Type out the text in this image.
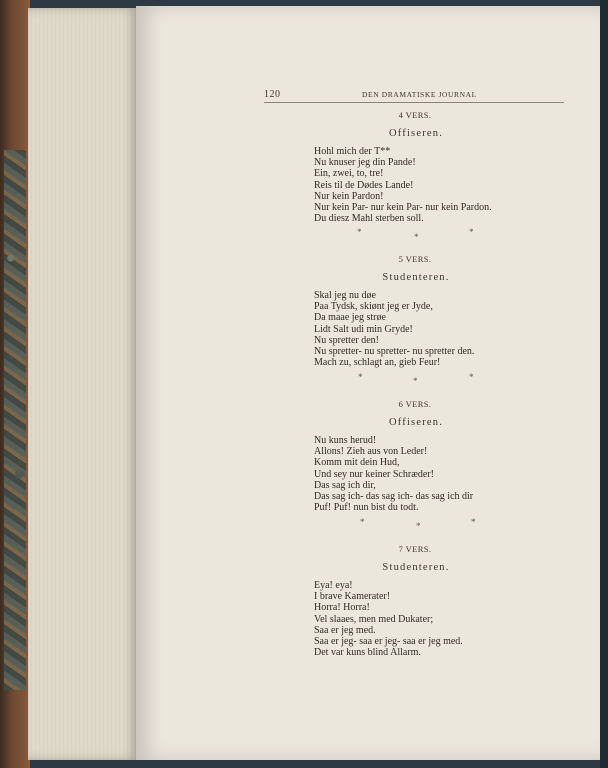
120	DEN DRAMATISKE JOURNAL
4 VERS.
Offiseren.
Hohl mich der T**
Nu knuser jeg din Pande!
Ein, zwei, to, tre!
Reis til de Dødes Lande!
Nur kein Pardon!
Nur kein Par- nur kein Par- nur kein Pardon.
Du diesz Mahl sterben soll.
*	*	*
5 VERS.
Studenteren.
Skal jeg nu døe
Paa Tydsk, skiønt jeg er Jyde,
Da maae jeg strøe
Lidt Salt udi min Gryde!
Nu spretter den!
Nu spretter- nu spretter- nu spretter den.
Mach zu, schlagt an, gieb Feur!
*	*	*
6 VERS.
Offiseren.
Nu kuns herud!
Allons! Zieh aus von Leder!
Komm mit dein Hud,
Und sey nur keiner Schræder!
Das sag ich dir,
Das sag ich- das sag ich- das sag ich dir
Puf! Puf! nun bist du todt.
*	*	*
7 VERS.
Studenteren.
Eya! eya!
I brave Kamerater!
Horra! Horra!
Vel slaaes, men med Dukater;
Saa er jeg med.
Saa er jeg- saa er jeg- saa er jeg med.
Det var kuns blind Allarm.
